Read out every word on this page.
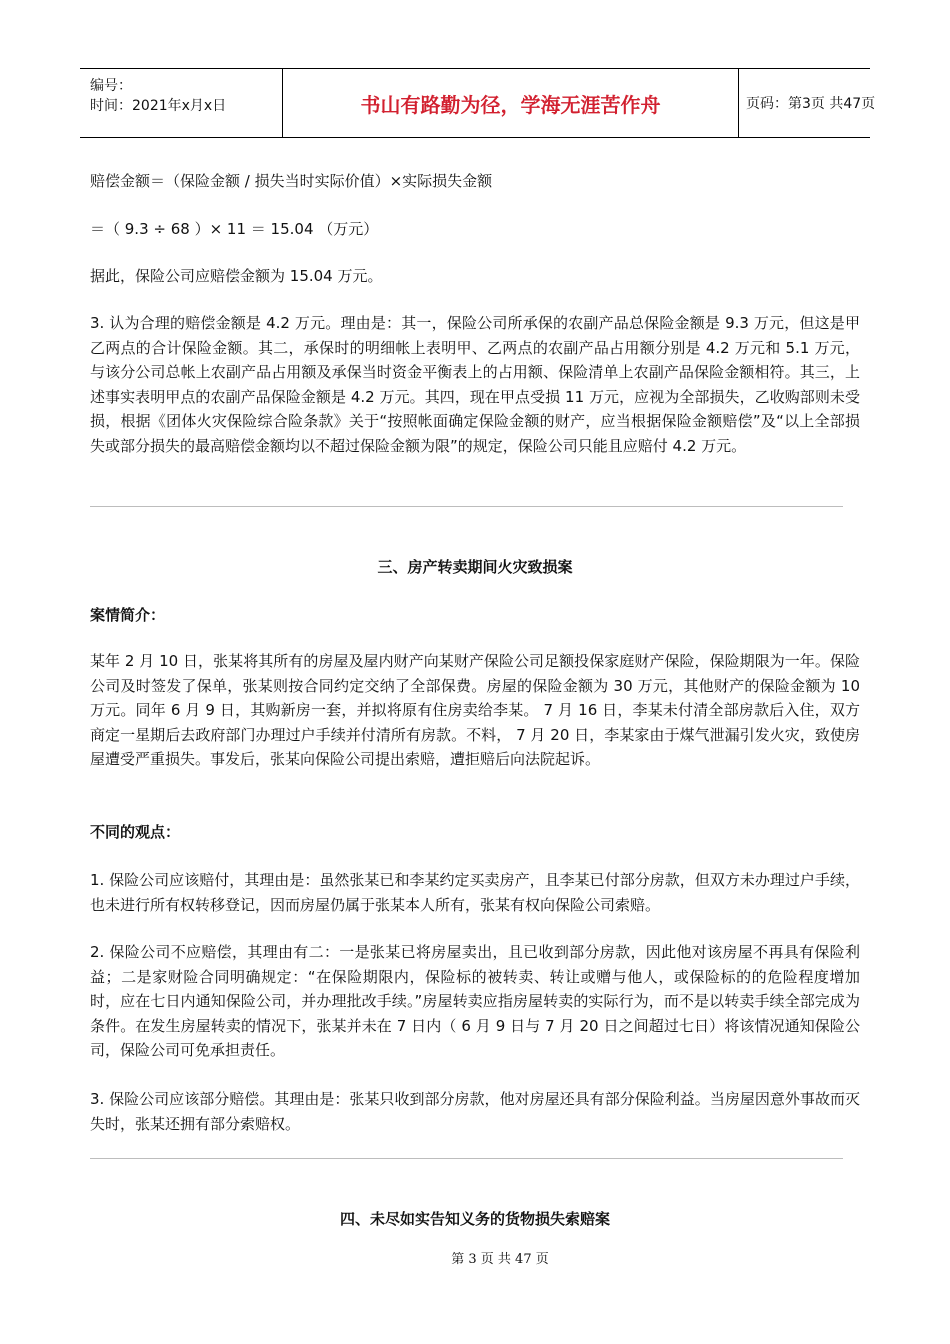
编号：
时间：2021年x月x日	书山有路勤为径，学海无涯苦作舟	页码：第3页 共47页
赔偿金额＝（保险金额 / 损失当时实际价值）×实际损失金额
＝（ 9.3 ÷ 68 ）× 11 ＝ 15.04 （万元）
据此，保险公司应赔偿金额为 15.04 万元。
3. 认为合理的赔偿金额是 4.2 万元。理由是：其一，保险公司所承保的农副产品总保险金额是 9.3 万元，但这是甲乙两点的合计保险金额。其二，承保时的明细帐上表明甲、乙两点的农副产品占用额分别是 4.2 万元和 5.1 万元，与该分公司总帐上农副产品占用额及承保当时资金平衡表上的占用额、保险清单上农副产品保险金额相符。其三，上述事实表明甲点的农副产品保险金额是 4.2 万元。其四，现在甲点受损 11 万元，应视为全部损失，乙收购部则未受损，根据《团体火灾保险综合险条款》关于“按照帐面确定保险金额的财产，应当根据保险金额赔偿”及“以上全部损失或部分损失的最高赔偿金额均以不超过保险金额为限”的规定，保险公司只能且应赔付 4.2 万元。
三、房产转卖期间火灾致损案
案情简介：
某年 2 月 10 日，张某将其所有的房屋及屋内财产向某财产保险公司足额投保家庭财产保险，保险期限为一年。保险公司及时签发了保单，张某则按合同约定交纳了全部保费。房屋的保险金额为 30 万元，其他财产的保险金额为 10 万元。同年 6 月 9 日，其购新房一套，并拟将原有住房卖给李某。 7 月 16 日，李某未付清全部房款后入住，双方商定一星期后去政府部门办理过户手续并付清所有房款。不料， 7 月 20 日，李某家由于煤气泄漏引发火灾，致使房屋遭受严重损失。事发后，张某向保险公司提出索赔，遭拒赔后向法院起诉。
不同的观点：
1. 保险公司应该赔付，其理由是：虽然张某已和李某约定买卖房产，且李某已付部分房款，但双方未办理过户手续，也未进行所有权转移登记，因而房屋仍属于张某本人所有，张某有权向保险公司索赔。
2. 保险公司不应赔偿，其理由有二：一是张某已将房屋卖出，且已收到部分房款，因此他对该房屋不再具有保险利益；二是家财险合同明确规定：“在保险期限内，保险标的被转卖、转让或赠与他人，或保险标的的危险程度增加时，应在七日内通知保险公司，并办理批改手续。”房屋转卖应指房屋转卖的实际行为，而不是以转卖手续全部完成为条件。在发生房屋转卖的情况下，张某并未在 7 日内（ 6 月 9 日与 7 月 20 日之间超过七日）将该情况通知保险公司，保险公司可免承担责任。
3. 保险公司应该部分赔偿。其理由是：张某只收到部分房款，他对房屋还具有部分保险利益。当房屋因意外事故而灭失时，张某还拥有部分索赔权。
四、未尽如实告知义务的货物损失索赔案
第 3 页 共 47 页
